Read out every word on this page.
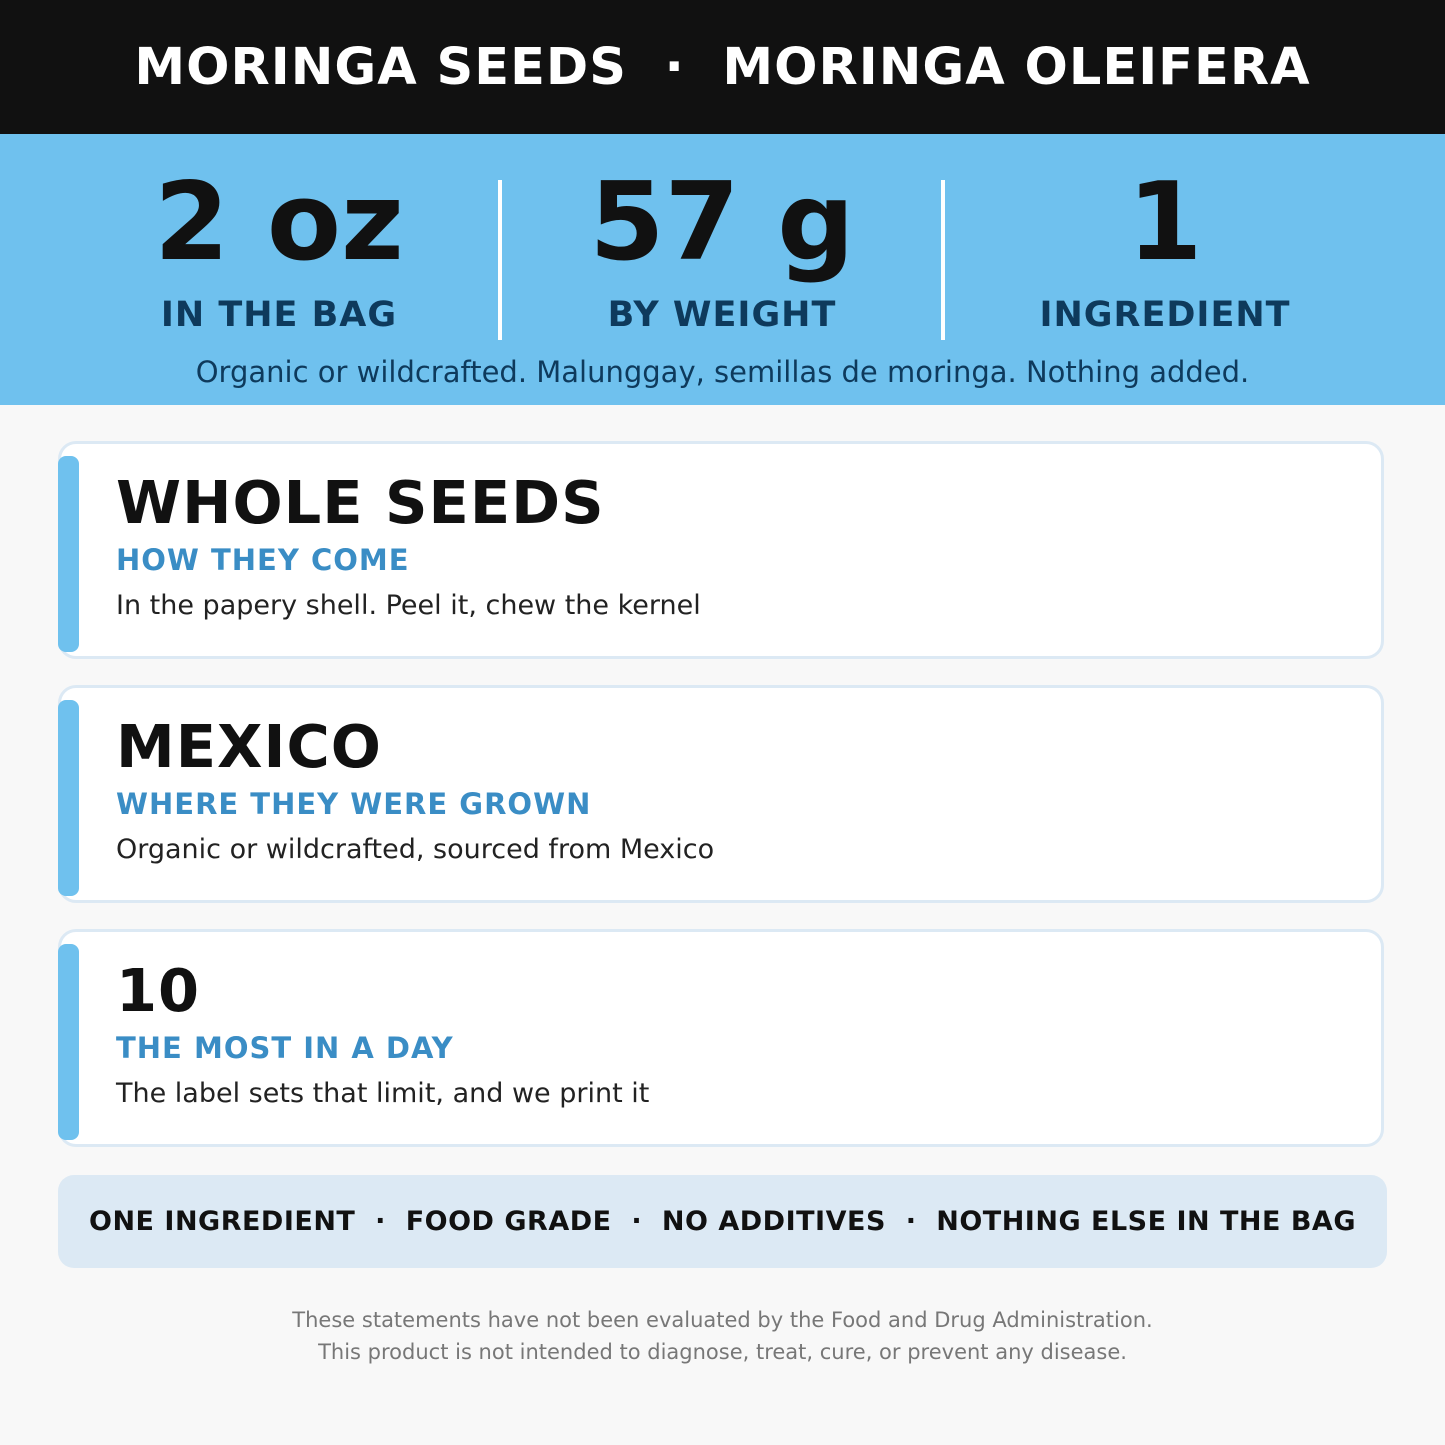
MORINGA SEEDS  ·  MORINGA OLEIFERA
2 oz
IN THE BAG
57 g
BY WEIGHT
1
INGREDIENT
Organic or wildcrafted. Malunggay, semillas de moringa. Nothing added.
WHOLE SEEDS
HOW THEY COME
In the papery shell. Peel it, chew the kernel
MEXICO
WHERE THEY WERE GROWN
Organic or wildcrafted, sourced from Mexico
10
THE MOST IN A DAY
The label sets that limit, and we print it
ONE INGREDIENT  ·  FOOD GRADE  ·  NO ADDITIVES  ·  NOTHING ELSE IN THE BAG
These statements have not been evaluated by the Food and Drug Administration.
This product is not intended to diagnose, treat, cure, or prevent any disease.
